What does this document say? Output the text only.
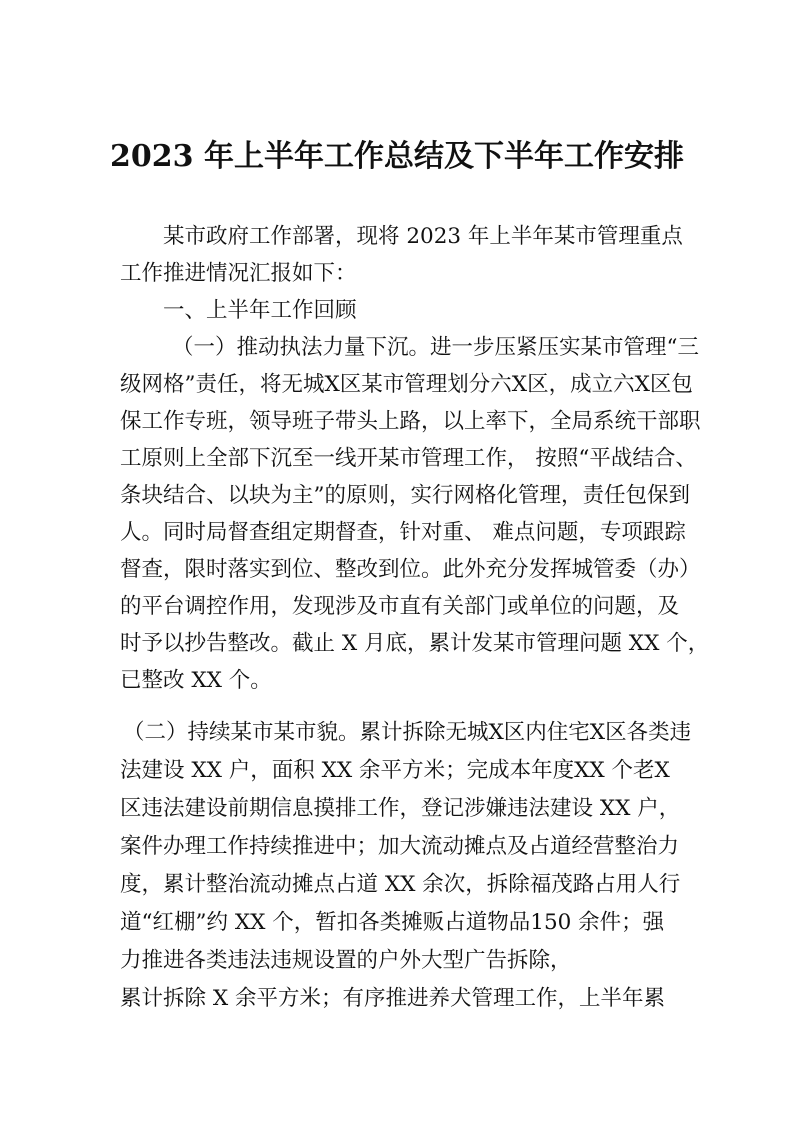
2023 年上半年工作总结及下半年工作安排
某市政府工作部署，现将 2023 年上半年某市管理重点
工作推进情况汇报如下：
一、上半年工作回顾
（一）推动执法力量下沉。进一步压紧压实某市管理“三
级网格”责任，将无城X区某市管理划分六X区，成立六X区包
保工作专班，领导班子带头上路，以上率下，全局系统干部职
工原则上全部下沉至一线开某市管理工作， 按照“平战结合、
条块结合、以块为主”的原则，实行网格化管理，责任包保到
人。同时局督查组定期督查，针对重、 难点问题，专项跟踪
督查，限时落实到位、整改到位。此外充分发挥城管委（办）
的平台调控作用，发现涉及市直有关部门或单位的问题，及
时予以抄告整改。截止 X 月底，累计发某市管理问题 XX 个，
已整改 XX 个。
（二）持续某市某市貌。累计拆除无城X区内住宅X区各类违
法建设 XX 户，面积 XX 余平方米；完成本年度XX 个老X
区违法建设前期信息摸排工作，登记涉嫌违法建设 XX 户，
案件办理工作持续推进中；加大流动摊点及占道经营整治力
度，累计整治流动摊点占道 XX 余次，拆除福茂路占用人行
道“红棚”约 XX 个，暂扣各类摊贩占道物品150 余件；强
力推进各类违法违规设置的户外大型广告拆除，
累计拆除 X 余平方米；有序推进养犬管理工作，上半年累
